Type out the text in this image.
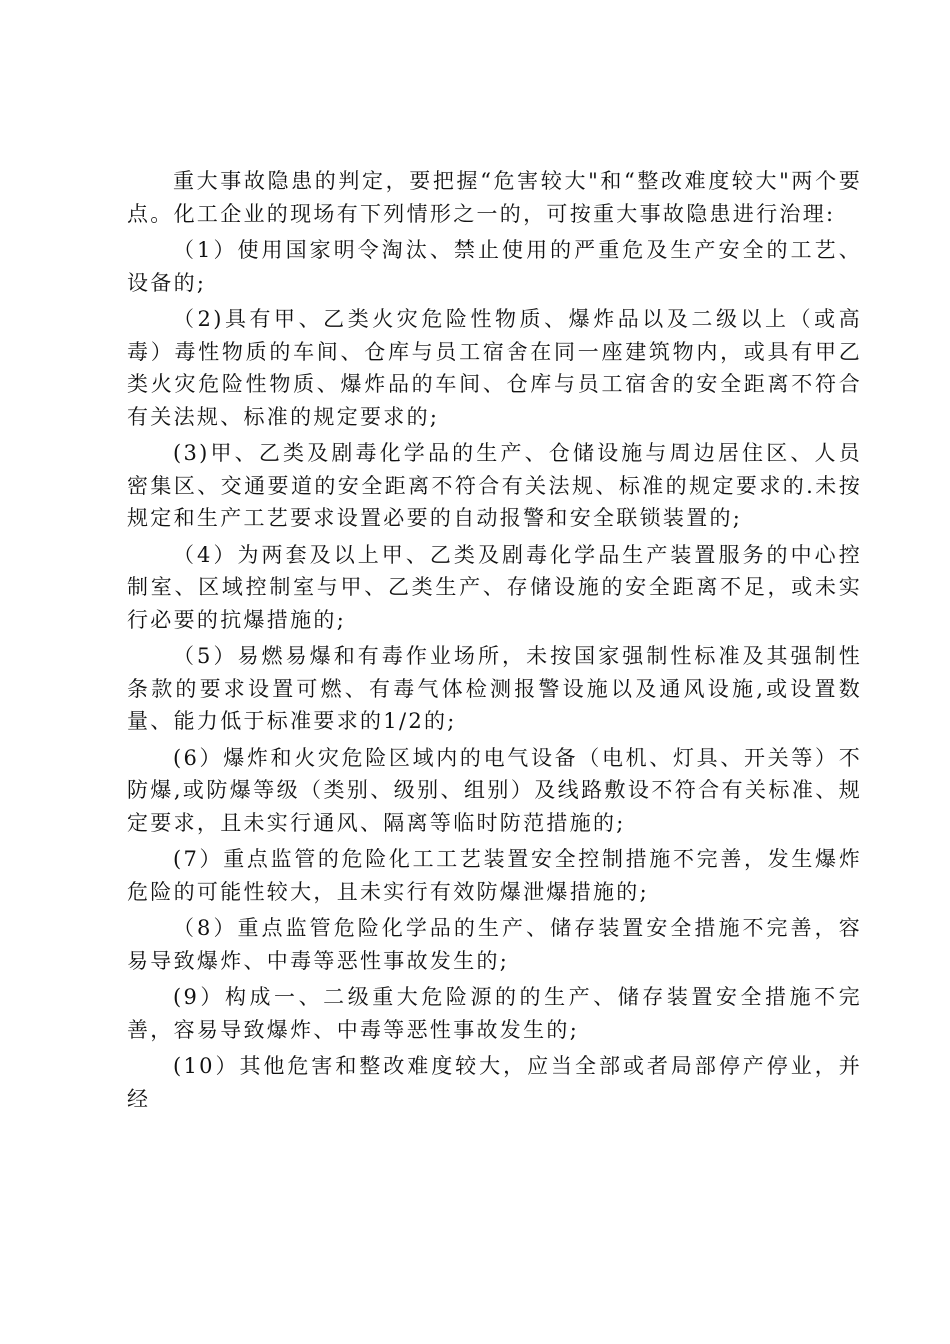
重大事故隐患的判定，要把握“危害较大"和“整改难度较大"两个要点。化工企业的现场有下列情形之一的，可按重大事故隐患进行治理:

（1）使用国家明令淘汰、禁止使用的严重危及生产安全的工艺、设备的;

（2)具有甲、乙类火灾危险性物质、爆炸品以及二级以上（或高毒）毒性物质的车间、仓库与员工宿舍在同一座建筑物内，或具有甲乙类火灾危险性物质、爆炸品的车间、仓库与员工宿舍的安全距离不符合有关法规、标准的规定要求的;

(3)甲、乙类及剧毒化学品的生产、仓储设施与周边居住区、人员密集区、交通要道的安全距离不符合有关法规、标准的规定要求的.未按规定和生产工艺要求设置必要的自动报警和安全联锁装置的;

（4）为两套及以上甲、乙类及剧毒化学品生产装置服务的中心控制室、区域控制室与甲、乙类生产、存储设施的安全距离不足，或未实行必要的抗爆措施的;

（5）易燃易爆和有毒作业场所，未按国家强制性标准及其强制性条款的要求设置可燃、有毒气体检测报警设施以及通风设施,或设置数量、能力低于标准要求的1/2的;

(6）爆炸和火灾危险区域内的电气设备（电机、灯具、开关等）不防爆,或防爆等级（类别、级别、组别）及线路敷设不符合有关标准、规定要求，且未实行通风、隔离等临时防范措施的;

(7）重点监管的危险化工工艺装置安全控制措施不完善，发生爆炸危险的可能性较大，且未实行有效防爆泄爆措施的;

（8）重点监管危险化学品的生产、储存装置安全措施不完善，容易导致爆炸、中毒等恶性事故发生的;

(9）构成一、二级重大危险源的的生产、储存装置安全措施不完善，容易导致爆炸、中毒等恶性事故发生的;

(10）其他危害和整改难度较大，应当全部或者局部停产停业，并经
